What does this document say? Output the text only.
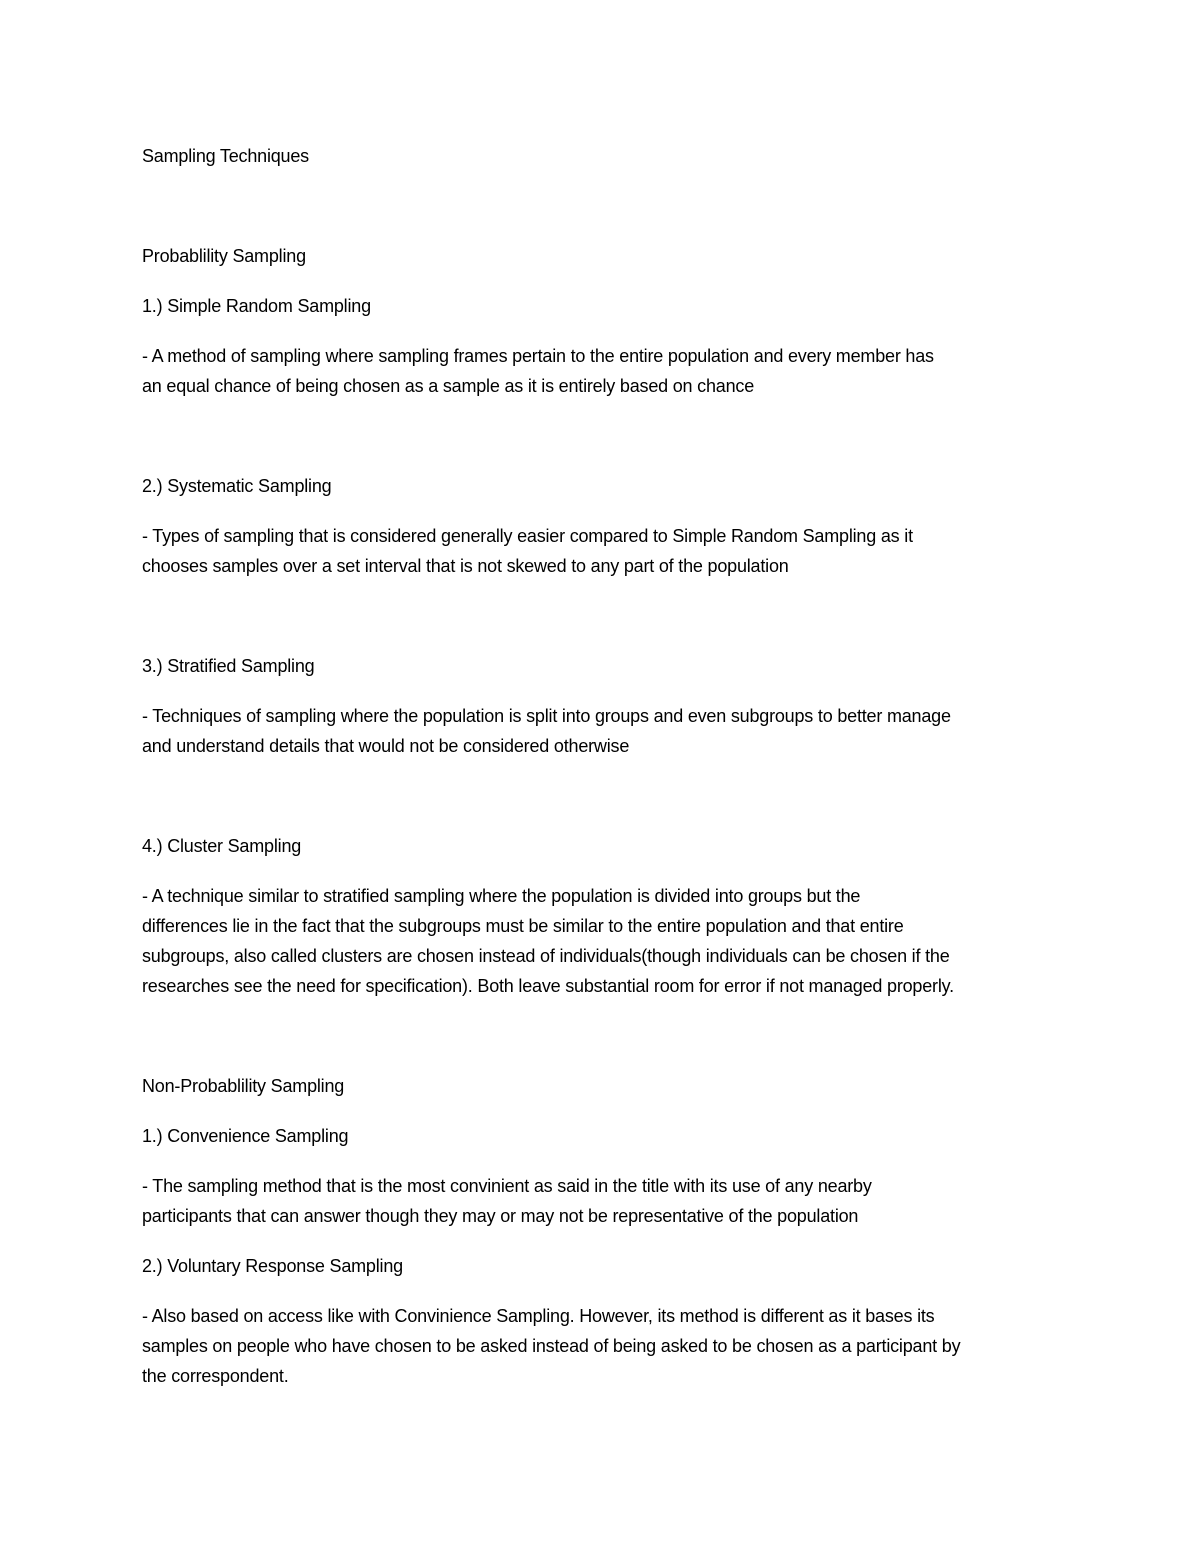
Sampling Techniques

Probablility Sampling

1.) Simple Random Sampling

- A method of sampling where sampling frames pertain to the entire population and every member has

an equal chance of being chosen as a sample as it is entirely based on chance

2.) Systematic Sampling

- Types of sampling that is considered generally easier compared to Simple Random Sampling as it

chooses samples over a set interval that is not skewed to any part of the population

3.) Stratified Sampling

- Techniques of sampling where the population is split into groups and even subgroups to better manage

and understand details that would not be considered otherwise

4.) Cluster Sampling

- A technique similar to stratified sampling where the population is divided into groups but the

differences lie in the fact that the subgroups must be similar to the entire population and that entire

subgroups, also called clusters are chosen instead of individuals(though individuals can be chosen if the

researches see the need for specification). Both leave substantial room for error if not managed properly.

Non-Probablility Sampling

1.) Convenience Sampling

- The sampling method that is the most convinient as said in the title with its use of any nearby

participants that can answer though they may or may not be representative of the population

2.) Voluntary Response Sampling

- Also based on access like with Convinience Sampling. However, its method is different as it bases its

samples on people who have chosen to be asked instead of being asked to be chosen as a participant by

the correspondent.
